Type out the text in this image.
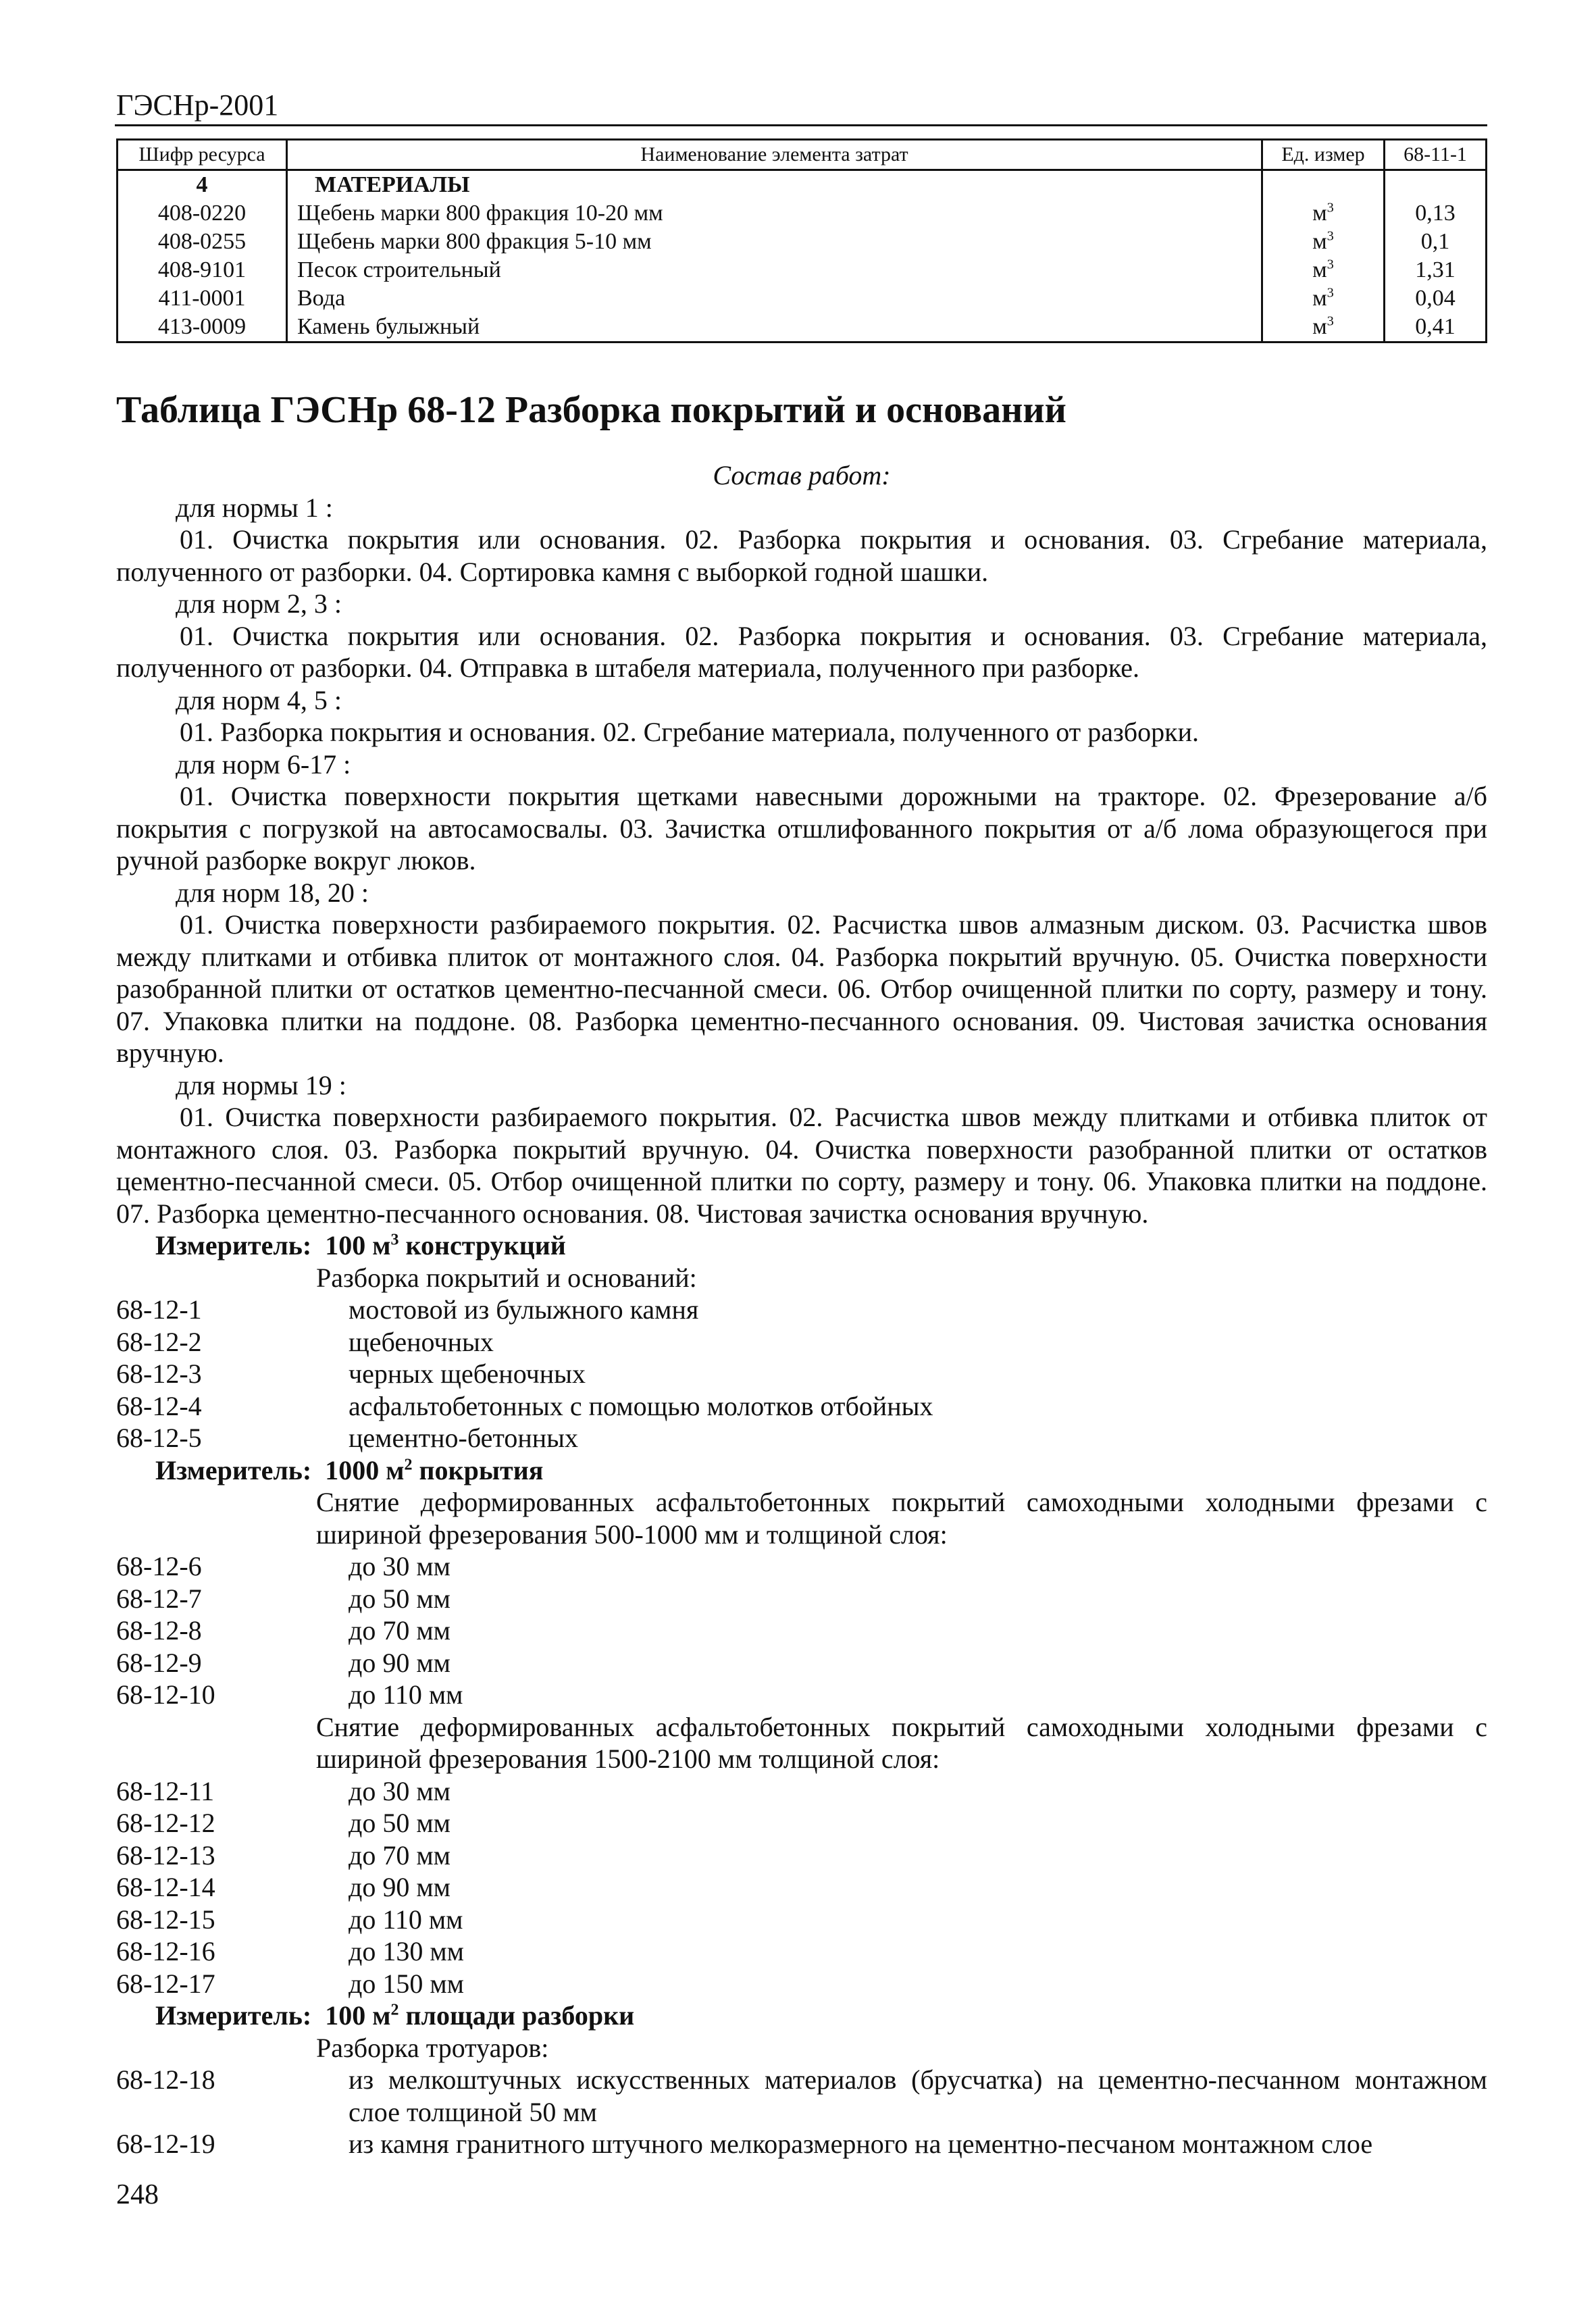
ГЭСНр-2001
Шифр ресурса	Наименование элемента затрат	Ед. измер	68-11-1
4	МАТЕРИАЛЫ		
408-0220	Щебень марки 800 фракция 10-20 мм	$м^3$	0,13
408-0255	Щебень марки 800 фракция 5-10 мм	$м^3$	0,1
408-9101	Песок строительный	$м^3$	1,31
411-0001	Вода	$м^3$	0,04
413-0009	Камень булыжный	$м^3$	0,41
Таблица ГЭСНр 68-12 Разборка покрытий и оснований
Состав работ:
для нормы 1 :
01. Очистка покрытия или основания. 02. Разборка покрытия и основания. 03. Сгребание материала, полученного от разборки. 04. Сортировка камня с выборкой годной шашки.
для норм 2, 3 :
01. Очистка покрытия или основания. 02. Разборка покрытия и основания. 03. Сгребание материала, полученного от разборки. 04. Отправка в штабеля материала, полученного при разборке.
для норм 4, 5 :
01. Разборка покрытия и основания. 02. Сгребание материала, полученного от разборки.
для норм 6-17 :
01. Очистка поверхности покрытия щетками навесными дорожными на тракторе. 02. Фрезерование а/б покрытия с погрузкой на автосамосвалы. 03. Зачистка отшлифованного покрытия от а/б лома образующегося при ручной разборке вокруг люков.
для норм 18, 20 :
01. Очистка поверхности разбираемого покрытия. 02. Расчистка швов алмазным диском. 03. Расчистка швов между плитками и отбивка плиток от монтажного слоя. 04. Разборка покрытий вручную. 05. Очистка поверхности разобранной плитки от остатков цементно-песчанной смеси. 06. Отбор очищенной плитки по сорту, размеру и тону. 07. Упаковка плитки на поддоне. 08. Разборка цементно-песчанного основания. 09. Чистовая зачистка основания вручную.
для нормы 19 :
01. Очистка поверхности разбираемого покрытия. 02. Расчистка швов между плитками и отбивка плиток от монтажного слоя. 03. Разборка покрытий вручную. 04. Очистка поверхности разобранной плитки от остатков цементно-песчанной смеси. 05. Отбор очищенной плитки по сорту, размеру и тону. 06. Упаковка плитки на поддоне. 07. Разборка цементно-песчанного основания. 08. Чистовая зачистка основания вручную.
Измеритель: 100 $м^3$ конструкций
Разборка покрытий и оснований:
68-12-1	мостовой из булыжного камня
68-12-2	щебеночных
68-12-3	черных щебеночных
68-12-4	асфальтобетонных с помощью молотков отбойных
68-12-5	цементно-бетонных
Измеритель: 1000 $м^2$ покрытия
Снятие деформированных асфальтобетонных покрытий самоходными холодными фрезами с шириной фрезерования 500-1000 мм и толщиной слоя:
68-12-6	до 30 мм
68-12-7	до 50 мм
68-12-8	до 70 мм
68-12-9	до 90 мм
68-12-10	до 110 мм
Снятие деформированных асфальтобетонных покрытий самоходными холодными фрезами с шириной фрезерования 1500-2100 мм толщиной слоя:
68-12-11	до 30 мм
68-12-12	до 50 мм
68-12-13	до 70 мм
68-12-14	до 90 мм
68-12-15	до 110 мм
68-12-16	до 130 мм
68-12-17	до 150 мм
Измеритель: 100 $м^2$ площади разборки
Разборка тротуаров:
68-12-18	из мелкоштучных искусственных материалов (брусчатка) на цементно-песчанном монтажном слое толщиной 50 мм
68-12-19	из камня гранитного штучного мелкоразмерного на цементно-песчаном монтажном слое
248
